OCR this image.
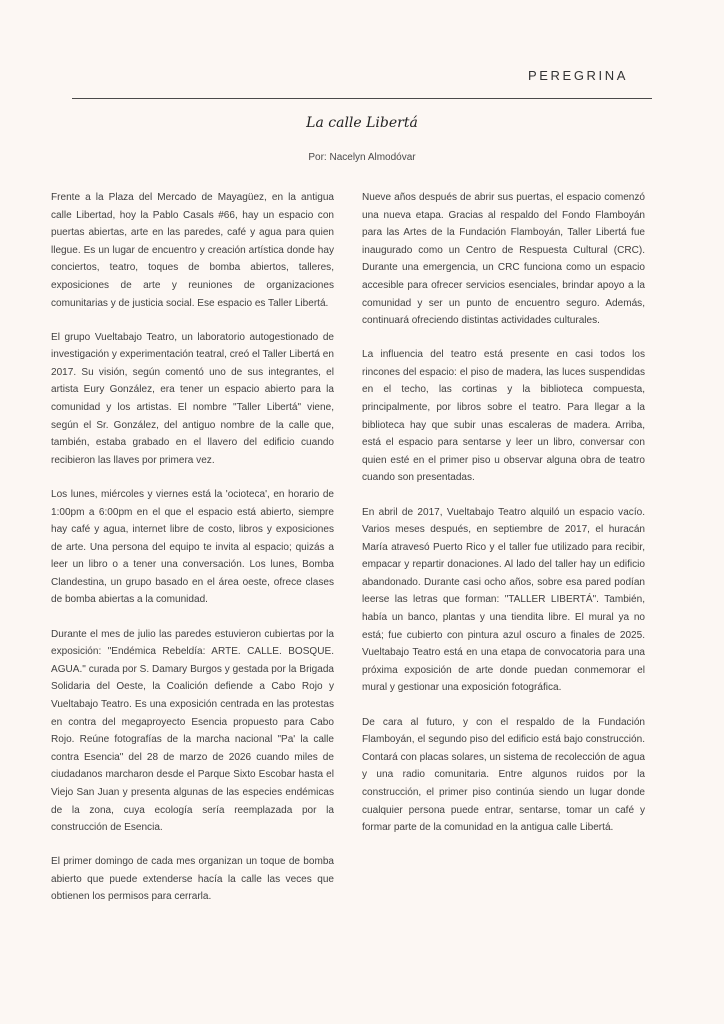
PEREGRINA
La calle Libertá
Por: Nacelyn Almodóvar

Frente a la Plaza del Mercado de Mayagüez, en la antigua calle Libertad, hoy la Pablo Casals #66, hay un espacio con puertas abiertas, arte en las paredes, café y agua para quien llegue. Es un lugar de encuentro y creación artística donde hay conciertos, teatro, toques de bomba abiertos, talleres, exposiciones de arte y reuniones de organizaciones comunitarias y de justicia social. Ese espacio es Taller Libertá.

El grupo Vueltabajo Teatro, un laboratorio autogestionado de investigación y experimentación teatral, creó el Taller Libertá en 2017. Su visión, según comentó uno de sus integrantes, el artista Eury González, era tener un espacio abierto para la comunidad y los artistas. El nombre "Taller Libertá" viene, según el Sr. González, del antiguo nombre de la calle que, también, estaba grabado en el llavero del edificio cuando recibieron las llaves por primera vez.

Los lunes, miércoles y viernes está la 'ocioteca', en horario de 1:00pm a 6:00pm en el que el espacio está abierto, siempre hay café y agua, internet libre de costo, libros y exposiciones de arte. Una persona del equipo te invita al espacio; quizás a leer un libro o a tener una conversación. Los lunes, Bomba Clandestina, un grupo basado en el área oeste, ofrece clases de bomba abiertas a la comunidad.

Durante el mes de julio las paredes estuvieron cubiertas por la exposición: "Endémica Rebeldía: ARTE. CALLE. BOSQUE. AGUA." curada por S. Damary Burgos y gestada por la Brigada Solidaria del Oeste, la Coalición defiende a Cabo Rojo y Vueltabajo Teatro. Es una exposición centrada en las protestas en contra del megaproyecto Esencia propuesto para Cabo Rojo. Reúne fotografías de la marcha nacional "Pa' la calle contra Esencia" del 28 de marzo de 2026 cuando miles de ciudadanos marcharon desde el Parque Sixto Escobar hasta el Viejo San Juan y presenta algunas de las especies endémicas de la zona, cuya ecología sería reemplazada por la construcción de Esencia.

El primer domingo de cada mes organizan un toque de bomba abierto que puede extenderse hacía la calle las veces que obtienen los permisos para cerrarla.

Nueve años después de abrir sus puertas, el espacio comenzó una nueva etapa. Gracias al respaldo del Fondo Flamboyán para las Artes de la Fundación Flamboyán, Taller Libertá fue inaugurado como un Centro de Respuesta Cultural (CRC). Durante una emergencia, un CRC funciona como un espacio accesible para ofrecer servicios esenciales, brindar apoyo a la comunidad y ser un punto de encuentro seguro. Además, continuará ofreciendo distintas actividades culturales.

La influencia del teatro está presente en casi todos los rincones del espacio: el piso de madera, las luces suspendidas en el techo, las cortinas y la biblioteca compuesta, principalmente, por libros sobre el teatro. Para llegar a la biblioteca hay que subir unas escaleras de madera. Arriba, está el espacio para sentarse y leer un libro, conversar con quien esté en el primer piso u observar alguna obra de teatro cuando son presentadas.

En abril de 2017, Vueltabajo Teatro alquiló un espacio vacío. Varios meses después, en septiembre de 2017, el huracán María atravesó Puerto Rico y el taller fue utilizado para recibir, empacar y repartir donaciones. Al lado del taller hay un edificio abandonado. Durante casi ocho años, sobre esa pared podían leerse las letras que forman: "TALLER LIBERTÁ". También, había un banco, plantas y una tiendita libre. El mural ya no está; fue cubierto con pintura azul oscuro a finales de 2025. Vueltabajo Teatro está en una etapa de convocatoria para una próxima exposición de arte donde puedan conmemorar el mural y gestionar una exposición fotográfica.

De cara al futuro, y con el respaldo de la Fundación Flamboyán, el segundo piso del edificio está bajo construcción. Contará con placas solares, un sistema de recolección de agua y una radio comunitaria. Entre algunos ruidos por la construcción, el primer piso continúa siendo un lugar donde cualquier persona puede entrar, sentarse, tomar un café y formar parte de la comunidad en la antigua calle Libertá.
